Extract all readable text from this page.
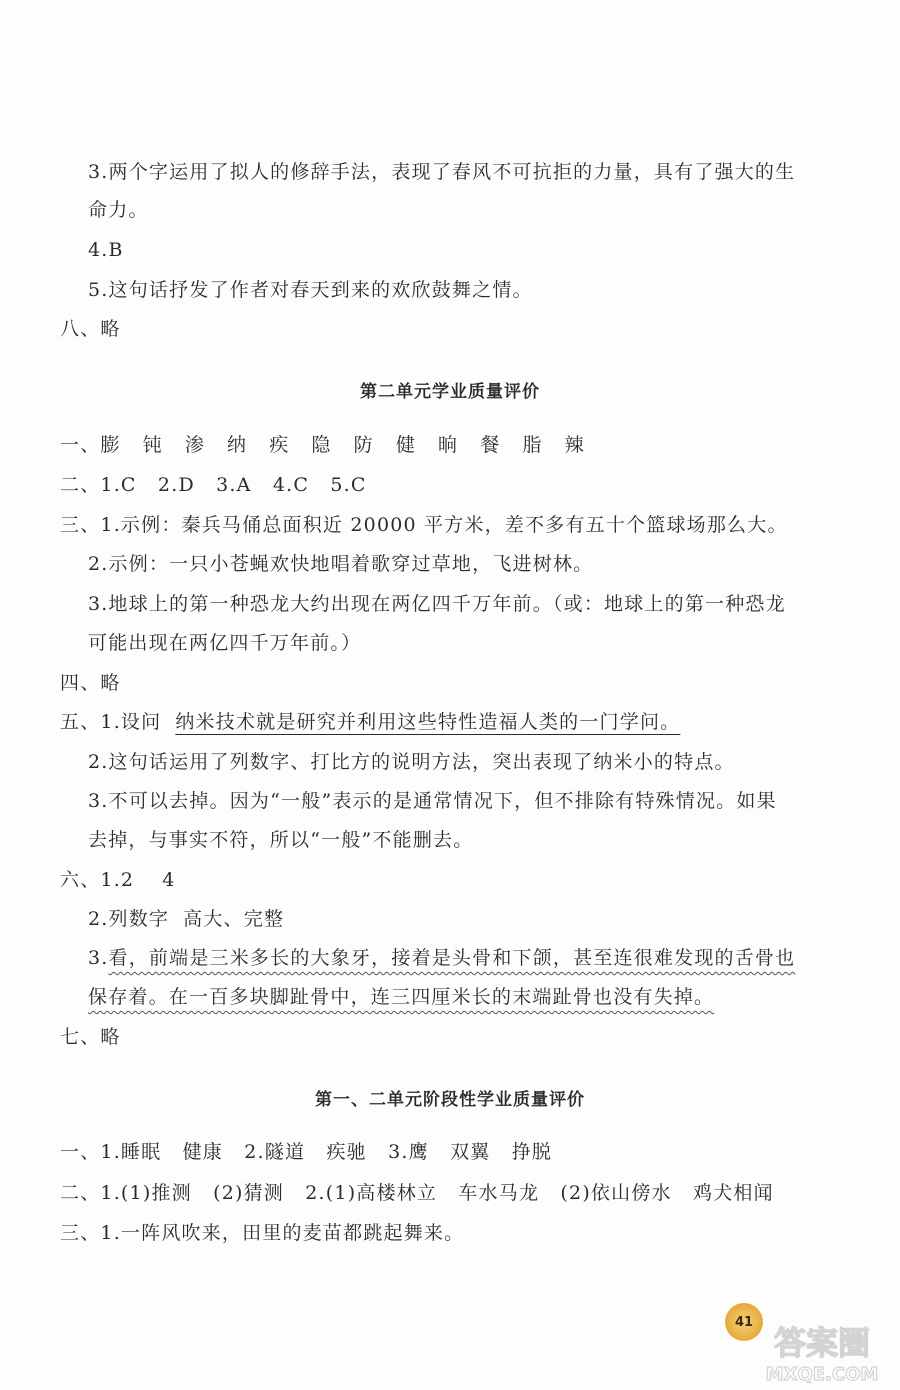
3.两个字运用了拟人的修辞手法，表现了春风不可抗拒的力量，具有了强大的生
命力。
4.B
5.这句话抒发了作者对春天到来的欢欣鼓舞之情。
八、略
第二单元学业质量评价
一、膨 钝 渗 纳 疾 隐 防 健 晌 餐 脂 辣
二、1.C 2.D 3.A 4.C 5.C
三、1.示例：秦兵马俑总面积近 20000 平方米，差不多有五十个篮球场那么大。
2.示例：一只小苍蝇欢快地唱着歌穿过草地，飞进树林。
3.地球上的第一种恐龙大约出现在两亿四千万年前。（或：地球上的第一种恐龙
可能出现在两亿四千万年前。）
四、略
五、1.设问 纳米技术就是研究并利用这些特性造福人类的一门学问。
2.这句话运用了列数字、打比方的说明方法，突出表现了纳米小的特点。
3.不可以去掉。因为“一般”表示的是通常情况下，但不排除有特殊情况。如果
去掉，与事实不符，所以“一般”不能删去。
六、1.2 4
2.列数字 高大、完整
3.看，前端是三米多长的大象牙，接着是头骨和下颌，甚至连很难发现的舌骨也
保存着。在一百多块脚趾骨中，连三四厘米长的末端趾骨也没有失掉。
七、略
第一、二单元阶段性学业质量评价
一、1.睡眠 健康 2.隧道 疾驰 3.鹰 双翼 挣脱
二、1.(1)推测 (2)猜测 2.(1)高楼林立 车水马龙 (2)依山傍水 鸡犬相闻
三、1.一阵风吹来，田里的麦苗都跳起舞来。
41
答案圈
MXQE.COM
